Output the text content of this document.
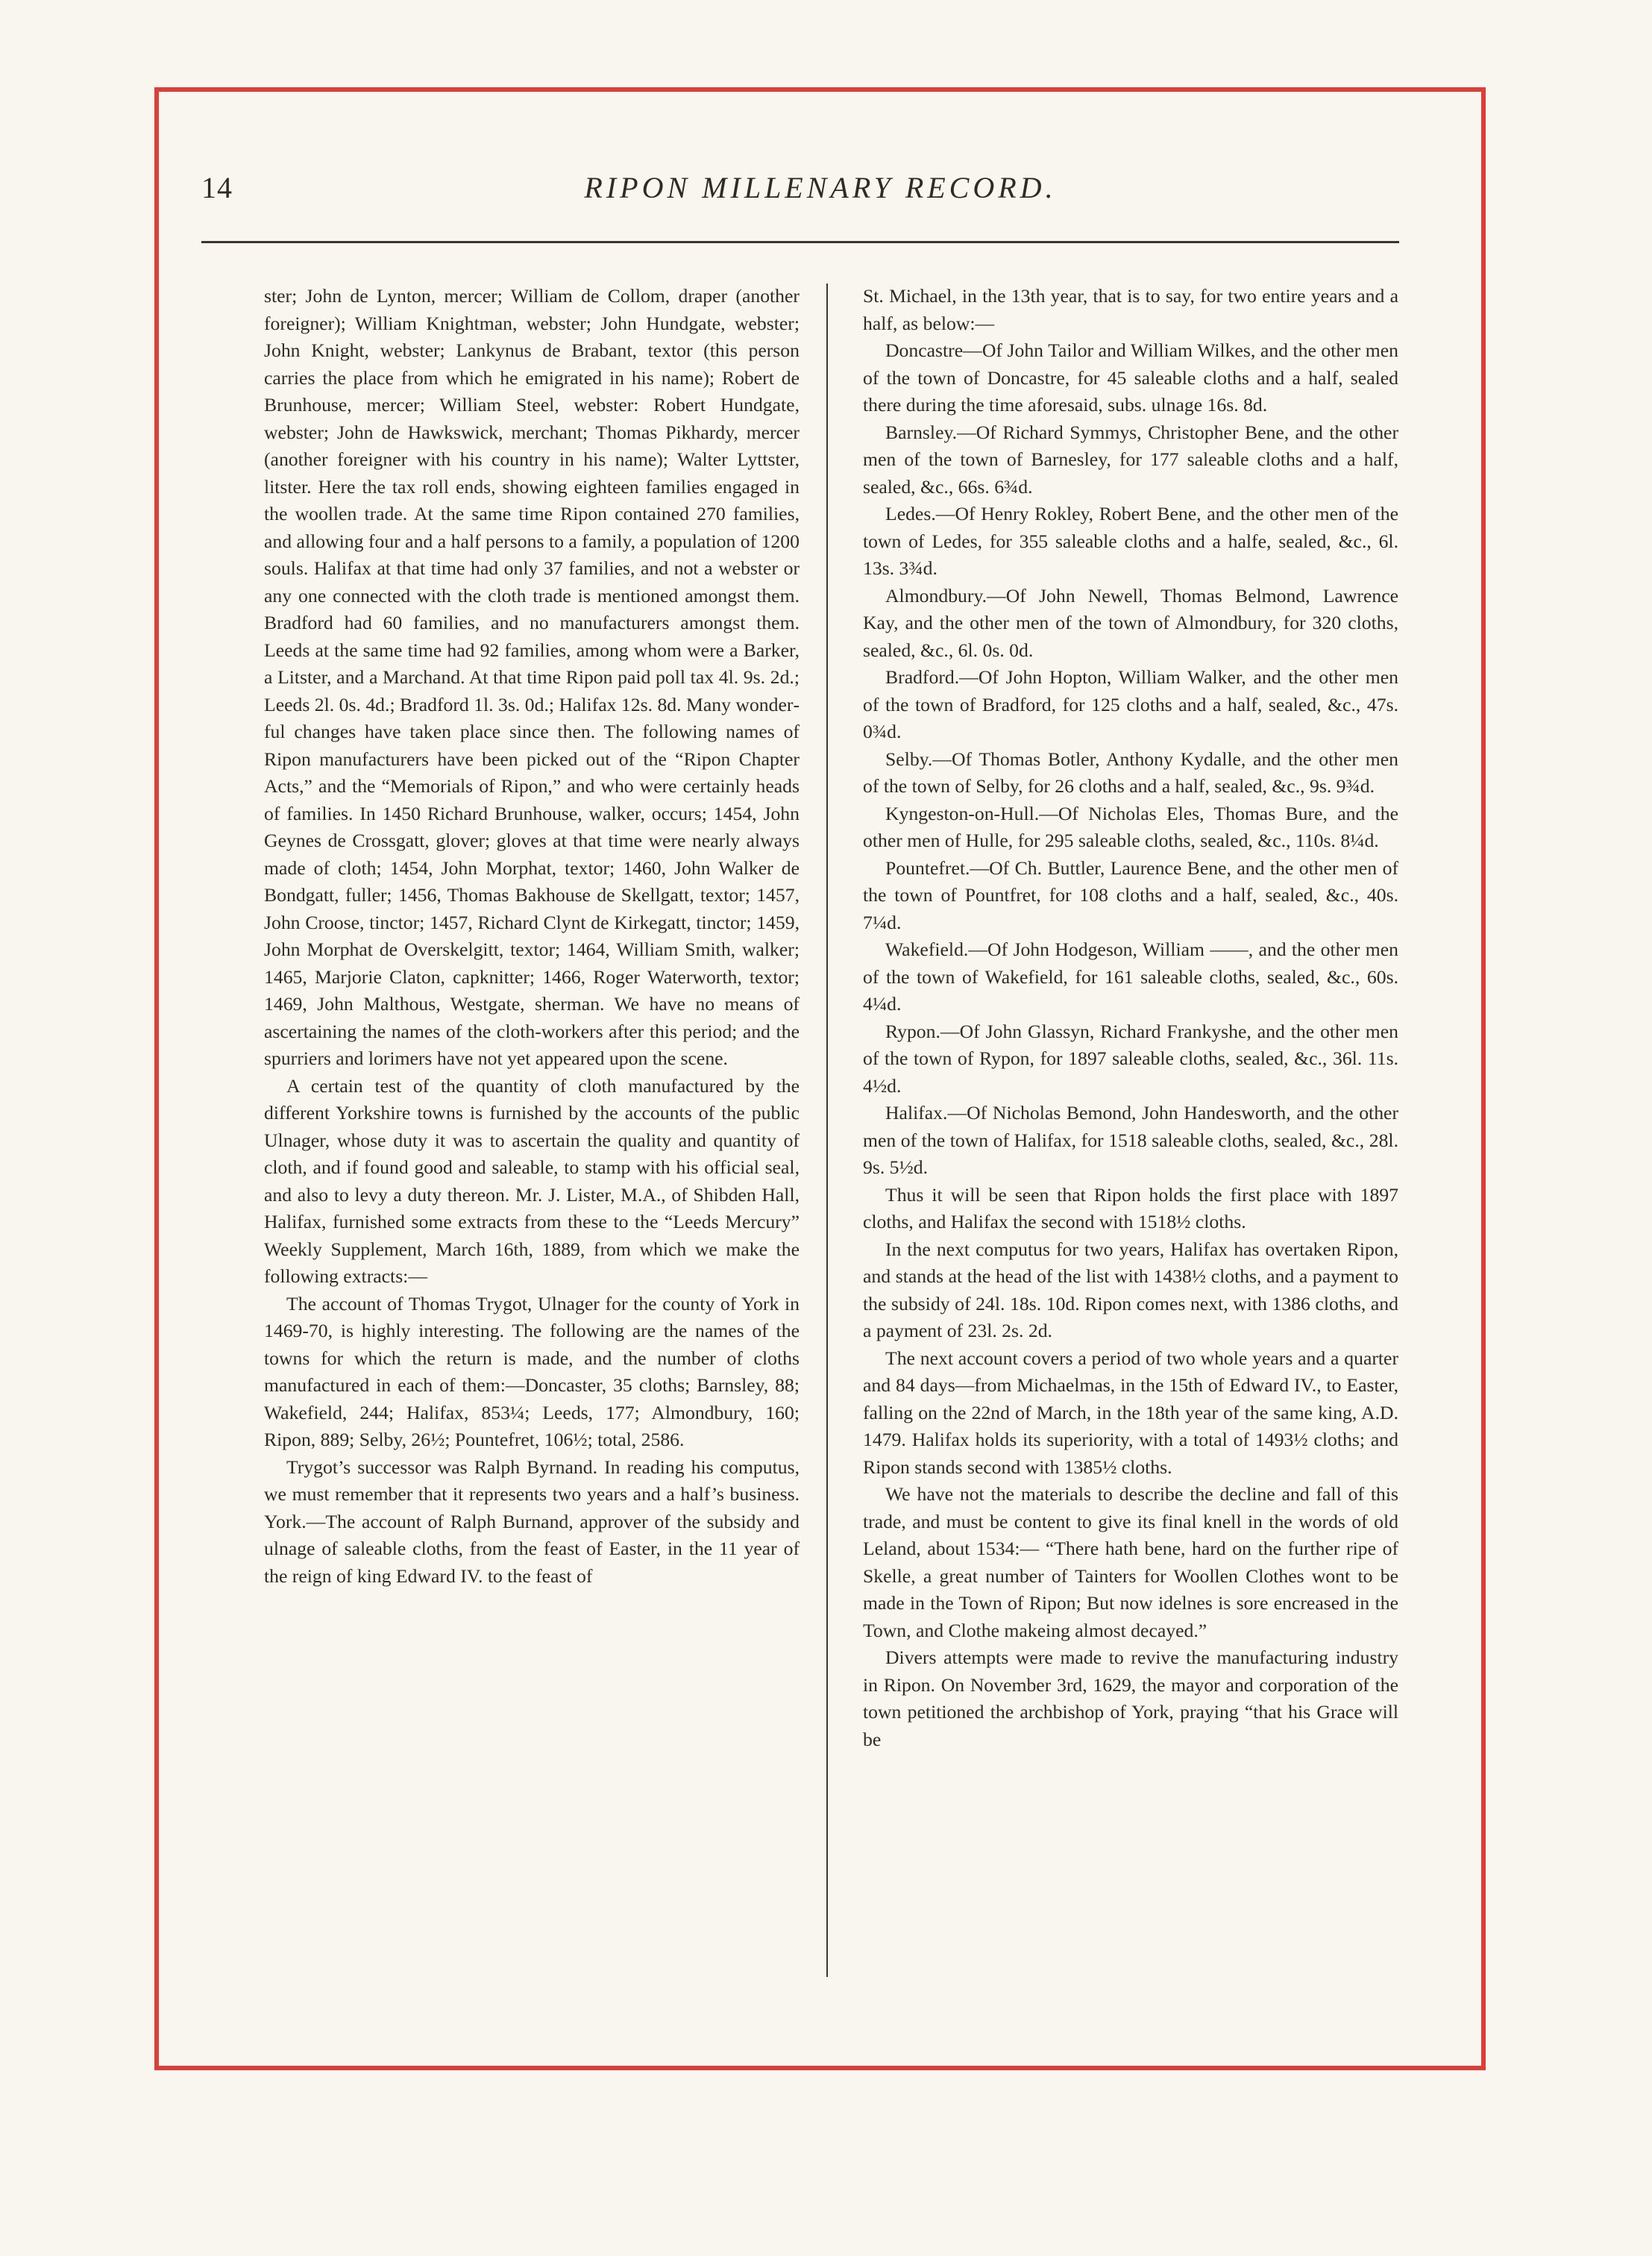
14	RIPON MILLENARY RECORD.

ster; John de Lynton, mercer; William de Collom, draper (another foreigner); William Knightman, webster; John Hundgate, webster; John Knight, webster; Lankynus de Brabant, textor (this person carries the place from which he emigrated in his name); Robert de Brunhouse, mercer; William Steel, webster: Robert Hundgate, webster; John de Hawkswick, merchant; Thomas Pikhardy, mercer (another foreigner with his country in his name); Walter Lyttster, litster. Here the tax roll ends, showing eighteen families engaged in the woollen trade. At the same time Ripon contained 270 families, and allowing four and a half persons to a family, a population of 1200 souls. Halifax at that time had only 37 families, and not a webster or any one connected with the cloth trade is mentioned amongst them. Bradford had 60 families, and no manufacturers amongst them. Leeds at the same time had 92 families, among whom were a Barker, a Litster, and a Marchand. At that time Ripon paid poll tax 4l. 9s. 2d.; Leeds 2l. 0s. 4d.; Bradford 1l. 3s. 0d.; Halifax 12s. 8d. Many wonderful changes have taken place since then. The following names of Ripon manufacturers have been picked out of the “Ripon Chapter Acts,” and the “Memorials of Ripon,” and who were certainly heads of families. In 1450 Richard Brunhouse, walker, occurs; 1454, John Geynes de Crossgatt, glover; gloves at that time were nearly always made of cloth; 1454, John Morphat, textor; 1460, John Walker de Bondgatt, fuller; 1456, Thomas Bakhouse de Skellgatt, textor; 1457, John Croose, tinctor; 1457, Richard Clynt de Kirkegatt, tinctor; 1459, John Morphat de Overskelgitt, textor; 1464, William Smith, walker; 1465, Marjorie Claton, capknitter; 1466, Roger Waterworth, textor; 1469, John Malthous, Westgate, sherman. We have no means of ascertaining the names of the cloth-workers after this period; and the spurriers and lorimers have not yet appeared upon the scene.

A certain test of the quantity of cloth manufactured by the different Yorkshire towns is furnished by the accounts of the public Ulnager, whose duty it was to ascertain the quality and quantity of cloth, and if found good and saleable, to stamp with his official seal, and also to levy a duty thereon. Mr. J. Lister, M.A., of Shibden Hall, Halifax, furnished some extracts from these to the “Leeds Mercury” Weekly Supplement, March 16th, 1889, from which we make the following extracts:—

The account of Thomas Trygot, Ulnager for the county of York in 1469-70, is highly interesting. The following are the names of the towns for which the return is made, and the number of cloths manufactured in each of them:—Doncaster, 35 cloths; Barnsley, 88; Wakefield, 244; Halifax, 853¼; Leeds, 177; Almondbury, 160; Ripon, 889; Selby, 26½; Pountefret, 106½; total, 2586.

Trygot’s successor was Ralph Byrnand. In reading his computus, we must remember that it represents two years and a half’s business. York.—The account of Ralph Burnand, approver of the subsidy and ulnage of saleable cloths, from the feast of Easter, in the 11 year of the reign of king Edward IV. to the feast of

St. Michael, in the 13th year, that is to say, for two entire years and a half, as below:—

Doncastre—Of John Tailor and William Wilkes, and the other men of the town of Doncastre, for 45 saleable cloths and a half, sealed there during the time aforesaid, subs. ulnage 16s. 8d.

Barnsley.—Of Richard Symmys, Christopher Bene, and the other men of the town of Barnesley, for 177 saleable cloths and a half, sealed, &c., 66s. 6¾d.

Ledes.—Of Henry Rokley, Robert Bene, and the other men of the town of Ledes, for 355 saleable cloths and a halfe, sealed, &c., 6l. 13s. 3¾d.

Almondbury.—Of John Newell, Thomas Belmond, Lawrence Kay, and the other men of the town of Almondbury, for 320 cloths, sealed, &c., 6l. 0s. 0d.

Bradford.—Of John Hopton, William Walker, and the other men of the town of Bradford, for 125 cloths and a half, sealed, &c., 47s. 0¾d.

Selby.—Of Thomas Botler, Anthony Kydalle, and the other men of the town of Selby, for 26 cloths and a half, sealed, &c., 9s. 9¾d.

Kyngeston-on-Hull.—Of Nicholas Eles, Thomas Bure, and the other men of Hulle, for 295 saleable cloths, sealed, &c., 110s. 8¼d.

Pountefret.—Of Ch. Buttler, Laurence Bene, and the other men of the town of Pountfret, for 108 cloths and a half, sealed, &c., 40s. 7¼d.

Wakefield.—Of John Hodgeson, William ——, and the other men of the town of Wakefield, for 161 saleable cloths, sealed, &c., 60s. 4¼d.

Rypon.—Of John Glassyn, Richard Frankyshe, and the other men of the town of Rypon, for 1897 saleable cloths, sealed, &c., 36l. 11s. 4½d.

Halifax.—Of Nicholas Bemond, John Handesworth, and the other men of the town of Halifax, for 1518 saleable cloths, sealed, &c., 28l. 9s. 5½d.

Thus it will be seen that Ripon holds the first place with 1897 cloths, and Halifax the second with 1518½ cloths.

In the next computus for two years, Halifax has overtaken Ripon, and stands at the head of the list with 1438½ cloths, and a payment to the subsidy of 24l. 18s. 10d. Ripon comes next, with 1386 cloths, and a payment of 23l. 2s. 2d.

The next account covers a period of two whole years and a quarter and 84 days—from Michaelmas, in the 15th of Edward IV., to Easter, falling on the 22nd of March, in the 18th year of the same king, A.D. 1479. Halifax holds its superiority, with a total of 1493½ cloths; and Ripon stands second with 1385½ cloths.

We have not the materials to describe the decline and fall of this trade, and must be content to give its final knell in the words of old Leland, about 1534:— “There hath bene, hard on the further ripe of Skelle, a great number of Tainters for Woollen Clothes wont to be made in the Town of Ripon; But now idelnes is sore encreased in the Town, and Clothe makeing almost decayed.”

Divers attempts were made to revive the manufacturing industry in Ripon. On November 3rd, 1629, the mayor and corporation of the town petitioned the archbishop of York, praying “that his Grace will be
